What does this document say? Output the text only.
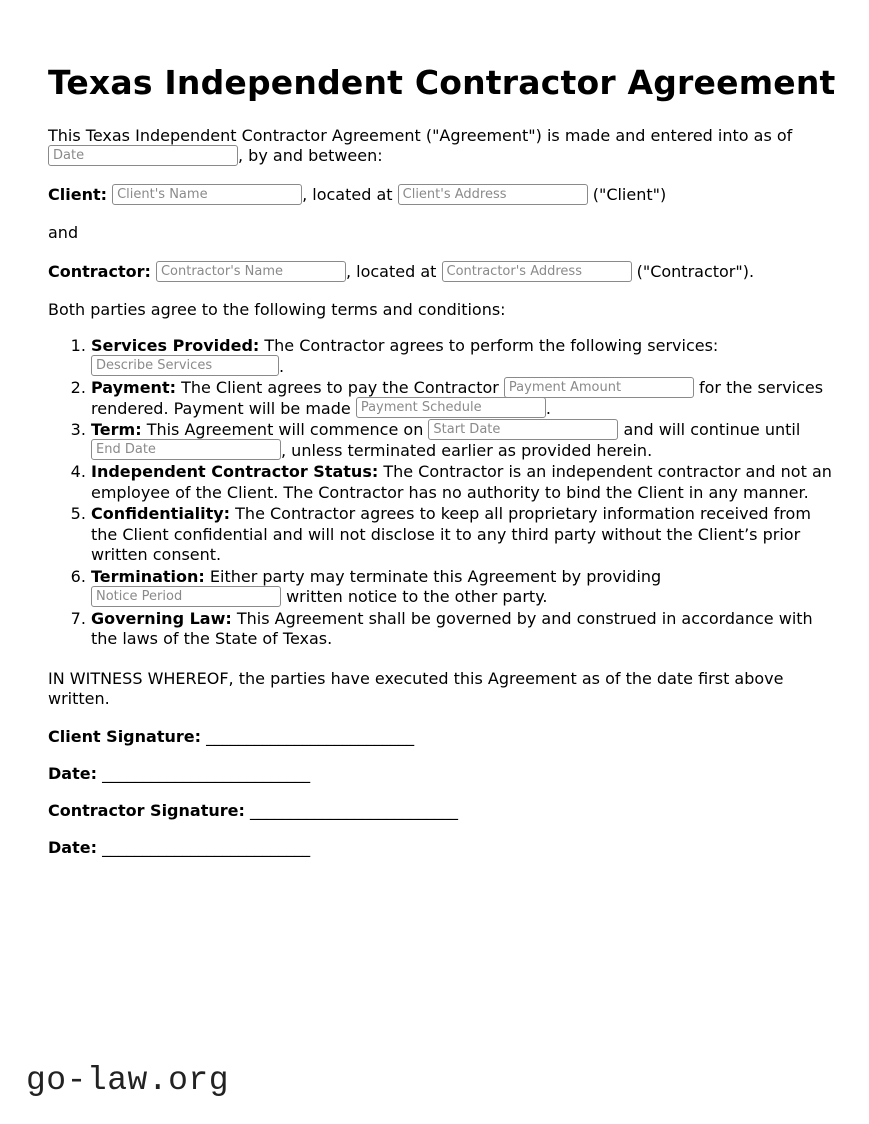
Texas Independent Contractor Agreement

This Texas Independent Contractor Agreement ("Agreement") is made and entered into as of Date, by and between:

Client: Client's Name	, located at Client's Address	("Client")

and

Contractor: Contractor's Name	, located at Contractor's Address	("Contractor").

Both parties agree to the following terms and conditions:

1. Services Provided: The Contractor agrees to perform the following services: Describe Services.
2. Payment: The Client agrees to pay the Contractor Payment Amount	for the services rendered. Payment will be made Payment Schedule	.
3. Term: This Agreement will commence on Start Date	and will continue until End Date, unless terminated earlier as provided herein.
4. Independent Contractor Status: The Contractor is an independent contractor and not an employee of the Client. The Contractor has no authority to bind the Client in any manner.
5. Confidentiality: The Contractor agrees to keep all proprietary information received from the Client confidential and will not disclose it to any third party without the Client’s prior written consent.
6. Termination: Either party may terminate this Agreement by providing Notice Period written notice to the other party.
7. Governing Law: This Agreement shall be governed by and construed in accordance with the laws of the State of Texas.

IN WITNESS WHEREOF, the parties have executed this Agreement as of the date first above written.

Client Signature: __________________________

Date: __________________________

Contractor Signature: __________________________

Date: __________________________

go-law.org
